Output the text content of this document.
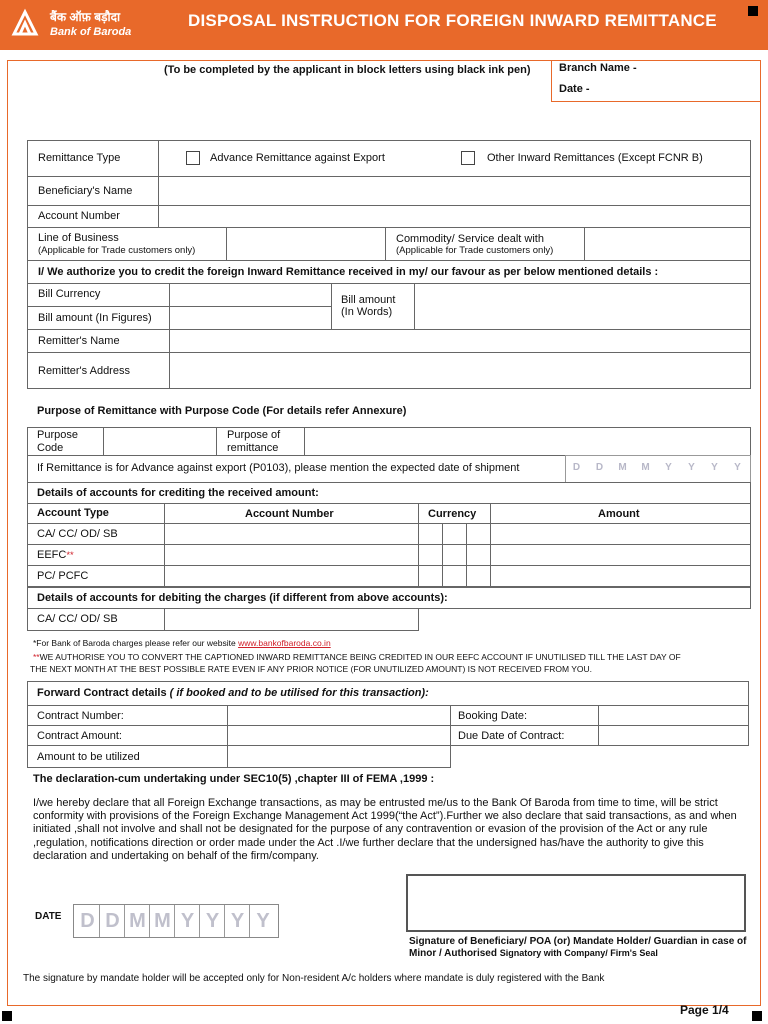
बैंक ऑफ़ बड़ौदा
Bank of Baroda
DISPOSAL INSTRUCTION FOR FOREIGN INWARD REMITTANCE
(To be completed by the applicant in block letters using black ink pen)	Branch Name -
Date -
Remittance Type	Advance Remittance against Export	Other Inward Remittances (Except FCNR B)
Beneficiary's Name
Account Number
Line of Business
(Applicable for Trade customers only)
Commodity/ Service dealt with
(Applicable for Trade customers only)
I/ We authorize you to credit the foreign Inward Remittance received in my/ our favour as per below mentioned details :
Bill Currency
Bill amount (In Figures)
Bill amount
(In Words)
Remitter's Name
Remitter's Address
Purpose of Remittance with Purpose Code (For details refer Annexure)
Purpose
Code
Purpose of
remittance
If Remittance is for Advance against export (P0103), please mention the expected date of shipment	D	D	M	M	Y	Y	Y	Y
Details of accounts for crediting the received amount:
Account Type	Account Number	Currency	Amount
CA/ CC/ OD/ SB
EEFC**
PC/ PCFC
Details of accounts for debiting the charges (if different from above accounts):
CA/ CC/ OD/ SB
*For Bank of Baroda charges please refer our website www.bankofbaroda.co.in
**WE AUTHORISE YOU TO CONVERT THE CAPTIONED INWARD REMITTANCE BEING CREDITED IN OUR EEFC ACCOUNT IF UNUTILISED TILL THE LAST DAY OF
THE NEXT MONTH AT THE BEST POSSIBLE RATE EVEN IF ANY PRIOR NOTICE (FOR UNUTILIZED AMOUNT) IS NOT RECEIVED FROM YOU.
Forward Contract details ( if booked and to be utilised for this transaction):
Contract Number:
Contract Amount:
Amount to be utilized
Booking Date:
Due Date of Contract:
The declaration-cum undertaking under SEC10(5) ,chapter III of FEMA ,1999 :
I/we hereby declare that all Foreign Exchange transactions, as may be entrusted me/us to the Bank Of Baroda from time to time, will be strict conformity with provisions of the Foreign Exchange Management Act 1999(“the Act”).Further we also declare that said transactions, as and when initiated ,shall not involve and shall not be designated for the purpose of any contravention or evasion of the provision of the Act or any rule ,regulation, notifications direction or order made under the Act .I/we further declare that the undersigned has/have the authority to give this declaration and undertaking on behalf of the firm/company.
DATE D D M M Y Y Y Y
Signature of Beneficiary/ POA (or) Mandate Holder/ Guardian in case of
Minor / Authorised Signatory with Company/ Firm's Seal
The signature by mandate holder will be accepted only for Non-resident A/c holders where mandate is duly registered with the Bank
Page 1/4
